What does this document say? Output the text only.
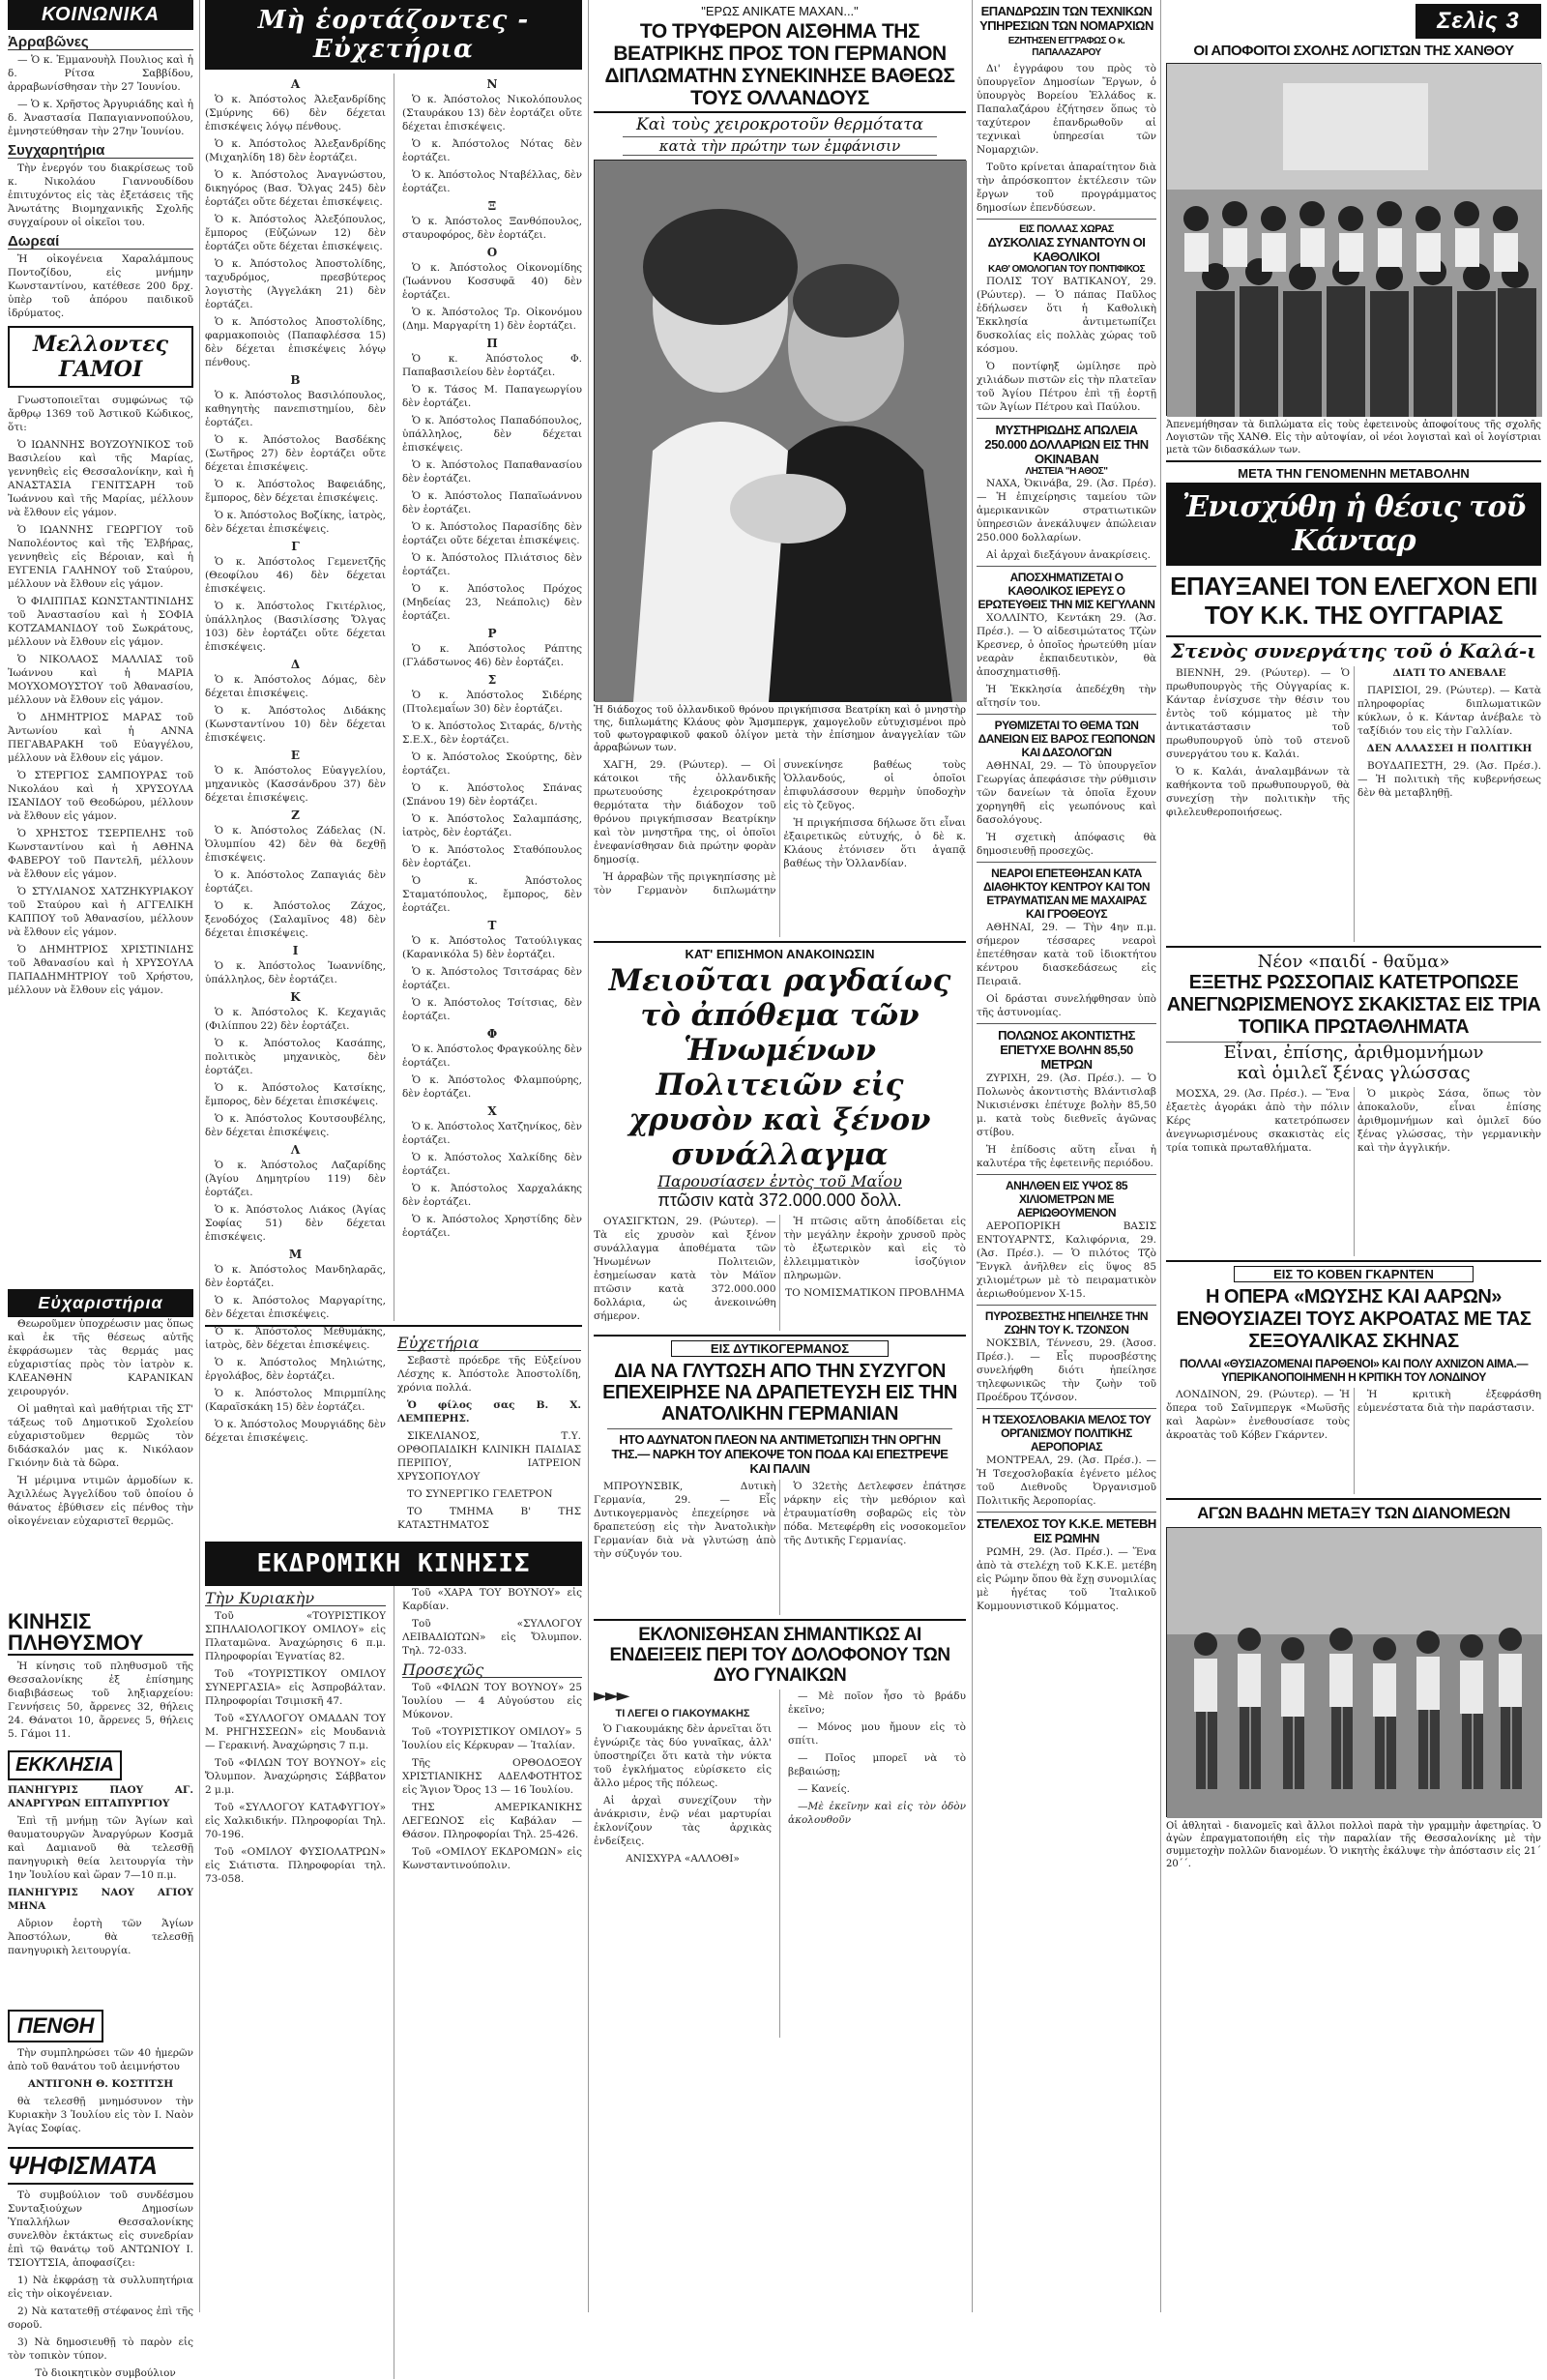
ΚΟΙΝΩΝΙΚΑ
Ἀρραβῶνες

— Ὁ κ. Ἐμμανουὴλ Πουλιος καὶ ἡ δ. Ρίτσα Σαββίδου, ἀρραβωνίσθησαν τὴν 27 Ἰουνίου.

— Ὁ κ. Χρῆστος Ἀργυριάδης καὶ ἡ δ. Ἀναστασία Παπαγιαννοπούλου, ἐμνηστεύθησαν τὴν 27ην Ἰουνίου.

Συγχαρητήρια

Τὴν ἐνεργόν του διακρίσεως τοῦ κ. Νικολάου Γιαννουδίδου ἐπιτυχόντος εἰς τὰς ἐξετάσεις τῆς Ἀνωτάτης Βιομηχανικῆς Σχολῆς συγχαίρουν οἱ οἰκεῖοι του.

Δωρεαί

Ἡ οἰκογένεια Χαραλάμπους Ποντοζίδου, εἰς μνήμην Κωνσταντίνου, κατέθεσε 200 δρχ. ὑπὲρ τοῦ ἀπόρου παιδικοῦ ἰδρύματος.

Μελλοντες ΓΑΜΟΙ

Γνωστοποιεῖται συμφώνως τῷ ἄρθρῳ 1369 τοῦ Ἀστικοῦ Κώδικος, ὅτι:

Ὁ ΙΩΑΝΝΗΣ ΒΟΥΖΟΥΝΙΚΟΣ τοῦ Βασιλείου καὶ τῆς Μαρίας, γεννηθεὶς εἰς Θεσσαλονίκην, καὶ ἡ ΑΝΑΣΤΑΣΙΑ ΓΕΝΙΤΣΑΡΗ τοῦ Ἰωάννου καὶ τῆς Μαρίας, μέλλουν νὰ ἔλθουν εἰς γάμον.

Ὁ ΙΩΑΝΝΗΣ ΓΕΩΡΓΙΟΥ τοῦ Ναπολέοντος καὶ τῆς Ἐλβήρας, γεννηθεὶς εἰς Βέροιαν, καὶ ἡ ΕΥΓΕΝΙΑ ΓΑΛΗΝΟΥ τοῦ Σταύρου, μέλλουν νὰ ἔλθουν εἰς γάμον.

Ὁ ΦΙΛΙΠΠΑΣ ΚΩΝΣΤΑΝΤΙΝΙΔΗΣ τοῦ Ἀναστασίου καὶ ἡ ΣΟΦΙΑ ΚΟΤΖΑΜΑΝΙΔΟΥ τοῦ Σωκράτους, μέλλουν νὰ ἔλθουν εἰς γάμον.

Ὁ ΝΙΚΟΛΑΟΣ ΜΑΛΛΙΑΣ τοῦ Ἰωάννου καὶ ἡ ΜΑΡΙΑ ΜΟΥΧΟΜΟΥΣΤΟΥ τοῦ Ἀθανασίου, μέλλουν νὰ ἔλθουν εἰς γάμον.

Ὁ ΔΗΜΗΤΡΙΟΣ ΜΑΡΑΣ τοῦ Ἀντωνίου καὶ ἡ ΑΝΝΑ ΠΕΓΑΒΑΡΑΚΗ τοῦ Εὐαγγέλου, μέλλουν νὰ ἔλθουν εἰς γάμον.

Ὁ ΣΤΕΡΓΙΟΣ ΣΑΜΠΟΥΡΑΣ τοῦ Νικολάου καὶ ἡ ΧΡΥΣΟΥΛΑ ΙΣΑΝΙΔΟΥ τοῦ Θεοδώρου, μέλλουν νὰ ἔλθουν εἰς γάμον.

Ὁ ΧΡΗΣΤΟΣ ΤΣΕΡΠΕΛΗΣ τοῦ Κωνσταντίνου καὶ ἡ ΑΘΗΝΑ ΦΑΒΕΡΟΥ τοῦ Παντελῆ, μέλλουν νὰ ἔλθουν εἰς γάμον.

Ὁ ΣΤΥΛΙΑΝΟΣ ΧΑΤΖΗΚΥΡΙΑΚΟΥ τοῦ Σταύρου καὶ ἡ ΑΓΓΕΛΙΚΗ ΚΑΠΠΟΥ τοῦ Ἀθανασίου, μέλλουν νὰ ἔλθουν εἰς γάμον.

Ὁ ΔΗΜΗΤΡΙΟΣ ΧΡΙΣΤΙΝΙΔΗΣ τοῦ Ἀθανασίου καὶ ἡ ΧΡΥΣΟΥΛΑ ΠΑΠΑΔΗΜΗΤΡΙΟΥ τοῦ Χρήστου, μέλλουν νὰ ἔλθουν εἰς γάμον.

Εὐχαριστήρια

Θεωροῦμεν ὑποχρέωσιν μας ὅπως καὶ ἐκ τῆς θέσεως αὐτῆς ἐκφράσωμεν τὰς θερμάς μας εὐχαριστίας πρὸς τὸν ἰατρὸν κ. ΚΛΕΑΝΘΗΝ ΚΑΡΑΝΙΚΑΝ χειρουργόν.

Οἱ μαθηταὶ καὶ μαθήτριαι τῆς ΣΤ' τάξεως τοῦ Δημοτικοῦ Σχολείου εὐχαριστοῦμεν θερμῶς τὸν διδάσκαλόν μας κ. Νικόλαον Γκιόνην διὰ τὰ δῶρα.

Ἡ μέριμνα ντιμῶν ἀρμοδίων κ. Ἀχιλλέως Ἀγγελίδου τοῦ ὁποίου ὁ θάνατος ἐβύθισεν εἰς πένθος τὴν οἰκογένειαν εὐχαριστεῖ θερμῶς.

ΚΙΝΗΣΙΣ ΠΛΗΘΥΣΜΟΥ

Ἡ κίνησις τοῦ πληθυσμοῦ τῆς Θεσσαλονίκης ἐξ ἐπίσημης διαβιβάσεως τοῦ ληξιαρχείου: Γεννήσεις 50, ἄρρενες 32, θήλεις 24. Θάνατοι 10, ἄρρενες 5, θήλεις 5. Γάμοι 11.

ΕΚΚΛΗΣΙΑ

ΠΑΝΗΓΥΡΙΣ ΠΑΟΥ ΑΓ. ΑΝΑΡΓΥΡΩΝ ΕΠΤΑΠΥΡΓΙΟΥ

Ἐπὶ τῇ μνήμῃ τῶν Ἁγίων καὶ θαυματουργῶν Ἀναργύρων Κοσμᾶ καὶ Δαμιανοῦ θὰ τελεσθῇ πανηγυρικὴ θεία λειτουργία τὴν 1ην Ἰουλίου καὶ ὥραν 7—10 π.μ.

ΠΑΝΗΓΥΡΙΣ ΝΑΟΥ ΑΓΙΟΥ ΜΗΝΑ

Αὔριον ἑορτὴ τῶν Ἁγίων Ἀποστόλων, θὰ τελεσθῇ πανηγυρικὴ λειτουργία.

ΠΕΝΘΗ

Τὴν συμπληρώσει τῶν 40 ἡμερῶν ἀπὸ τοῦ θανάτου τοῦ ἀειμνήστου

ΑΝΤΙΓΟΝΗ Θ. ΚΟΣΤΙΤΣΗ

θὰ τελεσθῇ μνημόσυνον τὴν Κυριακὴν 3 Ἰουλίου εἰς τὸν Ι. Ναὸν Ἁγίας Σοφίας.

ΨΗΦΙΣΜΑΤΑ

Τὸ συμβούλιον τοῦ συνδέσμου Συνταξιούχων Δημοσίων Ὑπαλλήλων Θεσσαλονίκης συνελθὸν ἐκτάκτως εἰς συνεδρίαν ἐπὶ τῷ θανάτῳ τοῦ ΑΝΤΩΝΙΟΥ Ι. ΤΣΙΟΥΤΣΙΑ, ἀποφασίζει:

1) Νὰ ἐκφράσῃ τὰ συλλυπητήρια εἰς τὴν οἰκογένειαν.

2) Νὰ κατατεθῇ στέφανος ἐπὶ τῆς σοροῦ.

3) Νὰ δημοσιευθῇ τὸ παρὸν εἰς τὸν τοπικὸν τύπον.

Τὸ διοικητικὸν συμβούλιον

Μὴ ἑορτάζοντες - Εὐχετήρια
Α

Ὁ κ. Ἀπόστολος Ἀλεξανδρίδης (Σμύρνης 66) δὲν δέχεται ἐπισκέψεις λόγῳ πένθους.

Ὁ κ. Ἀπόστολος Ἀλεξανδρίδης (Μιχαηλίδη 18) δὲν ἑορτάζει.

Ὁ κ. Ἀπόστολος Ἀναγνώστου, δικηγόρος (Βασ. Ὄλγας 245) δὲν ἑορτάζει οὔτε δέχεται ἐπισκέψεις.

Ὁ κ. Ἀπόστολος Ἀλεξόπουλος, ἔμπορος (Εὐζώνων 12) δὲν ἑορτάζει οὔτε δέχεται ἐπισκέψεις.

Ὁ κ. Ἀπόστολος Ἀποστολίδης, ταχυδρόμος, πρεσβύτερος λογιστὴς (Ἀγγελάκη 21) δὲν ἑορτάζει.

Ὁ κ. Ἀπόστολος Ἀποστολίδης, φαρμακοποιὸς (Παπαφλέσσα 15) δὲν δέχεται ἐπισκέψεις λόγῳ πένθους.

Β

Ὁ κ. Ἀπόστολος Βασιλόπουλος, καθηγητὴς πανεπιστημίου, δὲν ἑορτάζει.

Ὁ κ. Ἀπόστολος Βασδέκης (Σωτῆρος 27) δὲν ἑορτάζει οὔτε δέχεται ἐπισκέψεις.

Ὁ κ. Ἀπόστολος Βαφειάδης, ἔμπορος, δὲν δέχεται ἐπισκέψεις.

Ὁ κ. Ἀπόστολος Βοζίκης, ἰατρὸς, δὲν δέχεται ἐπισκέψεις.

Γ

Ὁ κ. Ἀπόστολος Γεμενετζῆς (Θεοφίλου 46) δὲν δέχεται ἐπισκέψεις.

Ὁ κ. Ἀπόστολος Γκιτέρλιος, ὑπάλληλος (Βασιλίσσης Ὄλγας 103) δὲν ἑορτάζει οὔτε δέχεται ἐπισκέψεις.

Δ

Ὁ κ. Ἀπόστολος Δόμας, δὲν δέχεται ἐπισκέψεις.

Ὁ κ. Ἀπόστολος Διδάκης (Κωνσταντίνου 10) δὲν δέχεται ἐπισκέψεις.

Ε

Ὁ κ. Ἀπόστολος Εὐαγγελίου, μηχανικὸς (Κασσάνδρου 37) δὲν δέχεται ἐπισκέψεις.

Ζ

Ὁ κ. Ἀπόστολος Ζάδελας (Ν. Ὀλυμπίου 42) δὲν θὰ δεχθῇ ἐπισκέψεις.

Ὁ κ. Ἀπόστολος Ζαπαγιάς δὲν ἑορτάζει.

Ὁ κ. Ἀπόστολος Ζάχος, ξενοδόχος (Σαλαμῖνος 48) δὲν δέχεται ἐπισκέψεις.

Ι

Ὁ κ. Ἀπόστολος Ἰωαννίδης, ὑπάλληλος, δὲν ἑορτάζει.

Κ

Ὁ κ. Ἀπόστολος Κ. Κεχαγιᾶς (Φιλίππου 22) δὲν ἑορτάζει.

Ὁ κ. Ἀπόστολος Κασάπης, πολιτικὸς μηχανικὸς, δὲν ἑορτάζει.

Ὁ κ. Ἀπόστολος Κατσίκης, ἔμπορος, δὲν δέχεται ἐπισκέψεις.

Ὁ κ. Ἀπόστολος Κουτσουβέλης, δὲν δέχεται ἐπισκέψεις.

Λ

Ὁ κ. Ἀπόστολος Λαζαρίδης (Ἁγίου Δημητρίου 119) δὲν ἑορτάζει.

Ὁ κ. Ἀπόστολος Λιάκος (Ἀγίας Σοφίας 51) δὲν δέχεται ἐπισκέψεις.

Μ

Ὁ κ. Ἀπόστολος Μανδηλαρᾶς, δὲν ἑορτάζει.

Ὁ κ. Ἀπόστολος Μαργαρίτης, δὲν δέχεται ἐπισκέψεις.

Ὁ κ. Ἀπόστολος Μεθυμάκης, ἰατρὸς, δὲν δέχεται ἐπισκέψεις.

Ὁ κ. Ἀπόστολος Μηλιώτης, ἐργολάβος, δὲν ἑορτάζει.

Ὁ κ. Ἀπόστολος Μπιρμπίλης (Καραϊσκάκη 15) δὲν ἑορτάζει.

Ὁ κ. Ἀπόστολος Μουργιάδης δὲν δέχεται ἐπισκέψεις.

Ν

Ὁ κ. Ἀπόστολος Νικολόπουλος (Σταυράκου 13) δὲν ἑορτάζει οὔτε δέχεται ἐπισκέψεις.

Ὁ κ. Ἀπόστολος Νότας δὲν ἑορτάζει.

Ὁ κ. Ἀπόστολος Νταβέλλας, δὲν ἑορτάζει.

Ξ

Ὁ κ. Ἀπόστολος Ξανθόπουλος, σταυροφόρος, δὲν ἑορτάζει.

Ο

Ὁ κ. Ἀπόστολος Οἰκονομίδης (Ἰωάννου Κοσσυφᾶ 40) δὲν ἑορτάζει.

Ὁ κ. Ἀπόστολος Τρ. Οἰκονόμου (Δημ. Μαργαρίτη 1) δὲν ἑορτάζει.

Π

Ὁ κ. Ἀπόστολος Φ. Παπαβασιλείου δὲν ἑορτάζει.

Ὁ κ. Τάσος Μ. Παπαγεωργίου δὲν ἑορτάζει.

Ὁ κ. Ἀπόστολος Παπαδόπουλος, ὑπάλληλος, δὲν δέχεται ἐπισκέψεις.

Ὁ κ. Ἀπόστολος Παπαθανασίου δὲν ἑορτάζει.

Ὁ κ. Ἀπόστολος Παπαϊωάννου δὲν ἑορτάζει.

Ὁ κ. Ἀπόστολος Παρασίδης δὲν ἑορτάζει οὔτε δέχεται ἐπισκέψεις.

Ὁ κ. Ἀπόστολος Πλιάτσιος δὲν ἑορτάζει.

Ὁ κ. Ἀπόστολος Πρόχος (Μηδείας 23, Νεάπολις) δὲν ἑορτάζει.

Ρ

Ὁ κ. Ἀπόστολος Ράπτης (Γλάδστωνος 46) δὲν ἑορτάζει.

Σ

Ὁ κ. Ἀπόστολος Σιδέρης (Πτολεμαΐων 30) δὲν ἑορτάζει.

Ὁ κ. Ἀπόστολος Σιταράς, δ/ντὴς Σ.Ε.Χ., δὲν ἑορτάζει.

Ὁ κ. Ἀπόστολος Σκούρτης, δὲν ἑορτάζει.

Ὁ κ. Ἀπόστολος Σπάνας (Σπάνου 19) δὲν ἑορτάζει.

Ὁ κ. Ἀπόστολος Σαλαμπάσης, ἰατρὸς, δὲν ἑορτάζει.

Ὁ κ. Ἀπόστολος Σταθόπουλος δὲν ἑορτάζει.

Ὁ κ. Ἀπόστολος Σταματόπουλος, ἔμπορος, δὲν ἑορτάζει.

Τ

Ὁ κ. Ἀπόστολος Τατούλιγκας (Καρανικόλα 5) δὲν ἑορτάζει.

Ὁ κ. Ἀπόστολος Τσιτσάρας δὲν ἑορτάζει.

Ὁ κ. Ἀπόστολος Τσίτσιας, δὲν ἑορτάζει.

Φ

Ὁ κ. Ἀπόστολος Φραγκούλης δὲν ἑορτάζει.

Ὁ κ. Ἀπόστολος Φλαμπούρης, δὲν ἑορτάζει.

Χ

Ὁ κ. Ἀπόστολος Χατζηνίκος, δὲν ἑορτάζει.

Ὁ κ. Ἀπόστολος Χαλκίδης δὲν ἑορτάζει.

Ὁ κ. Ἀπόστολος Χαρχαλάκης δὲν ἑορτάζει.

Ὁ κ. Ἀπόστολος Χρηστίδης δὲν ἑορτάζει.

Εὐχετήρια

Σεβαστὲ πρόεδρε τῆς Εὐξείνου Λέσχης κ. Ἀπόστολε Ἀποστολίδη, χρόνια πολλά.

Ὁ φίλος σας Β. Χ. ΛΕΜΠΕΡΗΣ.

ΣΙΚΕΛΙΑΝΟΣ, Τ.Υ. ΟΡΘΟΠΑΙΔΙΚΗ ΚΛΙΝΙΚΗ ΠΑΙΔΙΑΣ ΠΕΡΙΠΟΥ, ΙΑΤΡΕΙΟΝ ΧΡΥΣΟΠΟΥΛΟΥ

ΤΟ ΣΥΝΕΡΓΙΚΟ ΓΕΛΕΤΡΟΝ

ΤΟ ΤΜΗΜΑ Β' ΤΗΣ ΚΑΤΑΣΤΗΜΑΤΟΣ

ΕΚΔΡΟΜΙΚΗ ΚΙΝΗΣΙΣ
Τὴν Κυριακὴν

Τοῦ «ΤΟΥΡΙΣΤΙΚΟΥ ΣΠΗΛΑΙΟΛΟΓΙΚΟΥ ΟΜΙΛΟΥ» εἰς Πλαταμῶνα. Ἀναχώρησις 6 π.μ. Πληροφορίαι Ἐγνατίας 82.

Τοῦ «ΤΟΥΡΙΣΤΙΚΟΥ ΟΜΙΛΟΥ ΣΥΝΕΡΓΑΣΙΑ» εἰς Ἀσπροβάλταν. Πληροφορίαι Τσιμισκῆ 47.

Τοῦ «ΣΥΛΛΟΓΟΥ ΟΜΑΔΑΝ ΤΟΥ Μ. ΡΗΓΗΣΣΕΩΝ» εἰς Μουδανιὰ — Γερακινή. Ἀναχώρησις 7 π.μ.

Τοῦ «ΦΙΛΩΝ ΤΟΥ ΒΟΥΝΟΥ» εἰς Ὄλυμπον. Ἀναχώρησις Σάββατον 2 μ.μ.

Τοῦ «ΣΥΛΛΟΓΟΥ ΚΑΤΑΦΥΓΙΟΥ» εἰς Χαλκιδικήν. Πληροφορίαι Τηλ. 70-196.

Τοῦ «ΟΜΙΛΟΥ ΦΥΣΙΟΛΑΤΡΩΝ» εἰς Σιάτιστα. Πληροφορίαι τηλ. 73-058.

Τοῦ «ΧΑΡΑ ΤΟΥ ΒΟΥΝΟΥ» εἰς Καρδίαν.

Τοῦ «ΣΥΛΛΟΓΟΥ ΛΕΙΒΑΔΙΩΤΩΝ» εἰς Ὄλυμπον. Τηλ. 72-033.

Προσεχῶς

Τοῦ «ΦΙΛΩΝ ΤΟΥ ΒΟΥΝΟΥ» 25 Ἰουλίου — 4 Αὐγούστου εἰς Μύκονον.

Τοῦ «ΤΟΥΡΙΣΤΙΚΟΥ ΟΜΙΛΟΥ» 5 Ἰουλίου εἰς Κέρκυραν — Ἰταλίαν.

Τῆς ΟΡΘΟΔΟΞΟΥ ΧΡΙΣΤΙΑΝΙΚΗΣ ΑΔΕΛΦΟΤΗΤΟΣ εἰς Ἅγιον Ὄρος 13 — 16 Ἰουλίου.

ΤΗΣ ΑΜΕΡΙΚΑΝΙΚΗΣ ΛΕΓΕΩΝΟΣ εἰς Καβάλαν — Θάσον. Πληροφορίαι Τηλ. 25-426.

Τοῦ «ΟΜΙΛΟΥ ΕΚΔΡΟΜΩΝ» εἰς Κωνσταντινούπολιν.

"ΕΡΩΣ ΑΝΙΚΑΤΕ ΜΑΧΑΝ..."
ΤΟ ΤΡΥΦΕΡΟΝ ΑΙΣΘΗΜΑ ΤΗΣ ΒΕΑΤΡΙΚΗΣ ΠΡΟΣ ΤΟΝ ΓΕΡΜΑΝΟΝ ΔΙΠΛΩΜΑΤΗΝ ΣΥΝΕΚΙΝΗΣΕ ΒΑΘΕΩΣ ΤΟΥΣ ΟΛΛΑΝΔΟΥΣ
Καὶ τοὺς χειροκροτοῦν θερμότατα
κατὰ τὴν πρώτην των ἐμφάνισιν
Ἡ διάδοχος τοῦ ὁλλανδικοῦ θρόνου πριγκήπισσα Βεατρίκη καὶ ὁ μνηστὴρ της, διπλωμάτης Κλάους φὸν Ἄμσμπεργκ, χαμογελοῦν εὐτυχισμένοι πρὸ τοῦ φωτογραφικοῦ φακοῦ ὀλίγον μετὰ τὴν ἐπίσημον ἀναγγελίαν τῶν ἀρραβώνων των.

ΧΑΓΗ, 29. (Ρώυτερ). — Οἱ κάτοικοι τῆς ὁλλανδικῆς πρωτευούσης ἐχειροκρότησαν θερμότατα τὴν διάδοχον τοῦ θρόνου πριγκήπισσαν Βεατρίκην καὶ τὸν μνηστῆρα της, οἱ ὁποῖοι ἐνεφανίσθησαν διὰ πρώτην φορὰν δημοσίᾳ.

Ἡ ἀρραβὼν τῆς πριγκηπίσσης μὲ τὸν Γερμανὸν διπλωμάτην συνεκίνησε βαθέως τοὺς Ὁλλανδούς, οἱ ὁποῖοι ἐπιφυλάσσουν θερμὴν ὑποδοχὴν εἰς τὸ ζεῦγος.

Ἡ πριγκήπισσα δήλωσε ὅτι εἶναι ἐξαιρετικῶς εὐτυχής, ὁ δὲ κ. Κλάους ἐτόνισεν ὅτι ἀγαπᾷ βαθέως τὴν Ὁλλανδίαν.

ΚΑΤ' ΕΠΙΣΗΜΟΝ ΑΝΑΚΟΙΝΩΣΙΝ
Μειοῦται ραγδαίως τὸ ἀπόθεμα τῶν Ἡνωμένων Πολιτειῶν εἰς χρυσὸν καὶ ξένον συνάλλαγμα
Παρουσίασεν ἐντὸς τοῦ Μαΐου
πτῶσιν κατὰ 372.000.000 δολλ.

ΟΥΑΣΙΓΚΤΩΝ, 29. (Ρώυτερ). — Τὰ εἰς χρυσὸν καὶ ξένον συνάλλαγμα ἀποθέματα τῶν Ἡνωμένων Πολιτειῶν, ἐσημείωσαν κατὰ τὸν Μάϊον πτῶσιν κατὰ 372.000.000 δολλάρια, ὡς ἀνεκοινώθη σήμερον.

Ἡ πτῶσις αὕτη ἀποδίδεται εἰς τὴν μεγάλην ἐκροὴν χρυσοῦ πρὸς τὸ ἐξωτερικὸν καὶ εἰς τὸ ἐλλειμματικὸν ἰσοζύγιον πληρωμῶν.

ΤΟ ΝΟΜΙΣΜΑΤΙΚΟΝ ΠΡΟΒΛΗΜΑ

ΕΙΣ ΔΥΤΙΚΟΓΕΡΜΑΝΟΣ
ΔΙΑ ΝΑ ΓΛΥΤΩΣΗ ΑΠΟ ΤΗΝ ΣΥΖΥΓΟΝ ΕΠΕΧΕΙΡΗΣΕ ΝΑ ΔΡΑΠΕΤΕΥΣΗ ΕΙΣ ΤΗΝ ΑΝΑΤΟΛΙΚΗΝ ΓΕΡΜΑΝΙΑΝ
ΗΤΟ ΑΔΥΝΑΤΟΝ ΠΛΕΟΝ ΝΑ ΑΝΤΙΜΕΤΩΠΙΣΗ ΤΗΝ ΟΡΓΗΝ ΤΗΣ.— ΝΑΡΚΗ ΤΟΥ ΑΠΕΚΟΨΕ ΤΟΝ ΠΟΔΑ ΚΑΙ ΕΠΕΣΤΡΕΨΕ ΚΑΙ ΠΑΛΙΝ

ΜΠΡΟΥΝΣΒΙΚ, Δυτικὴ Γερμανία, 29. — Εἷς Δυτικογερμανὸς ἐπεχείρησε νὰ δραπετεύσῃ εἰς τὴν Ἀνατολικὴν Γερμανίαν διὰ νὰ γλυτώσῃ ἀπὸ τὴν σύζυγόν του.

Ὁ 32ετὴς Δετλεφσεν ἐπάτησε νάρκην εἰς τὴν μεθόριον καὶ ἐτραυματίσθη σοβαρῶς εἰς τὸν πόδα. Μετεφέρθη εἰς νοσοκομεῖον τῆς Δυτικῆς Γερμανίας.

ΕΚΛΟΝΙΣΘΗΣΑΝ ΣΗΜΑΝΤΙΚΩΣ ΑΙ ΕΝΔΕΙΞΕΙΣ ΠΕΡΙ ΤΟΥ ΔΟΛΟΦΟΝΟΥ ΤΩΝ ΔΥΟ ΓΥΝΑΙΚΩΝ
►►►
ΤΙ ΛΕΓΕΙ Ο ΓΙΑΚΟΥΜΑΚΗΣ

Ὁ Γιακουμάκης δὲν ἀρνεῖται ὅτι ἐγνώριζε τὰς δύο γυναῖκας, ἀλλ' ὑποστηρίζει ὅτι κατὰ τὴν νύκτα τοῦ ἐγκλήματος εὑρίσκετο εἰς ἄλλο μέρος τῆς πόλεως.

Αἱ ἀρχαὶ συνεχίζουν τὴν ἀνάκρισιν, ἐνῷ νέαι μαρτυρίαι ἐκλονίζουν τὰς ἀρχικὰς ἐνδείξεις.

ΑΝΙΣΧΥΡΑ «ΑΛΛΟΘΙ»

— Μὲ ποῖον ἦσο τὸ βράδυ ἐκεῖνο;

— Μόνος μου ἤμουν εἰς τὸ σπίτι.

— Ποῖος μπορεῖ νὰ τὸ βεβαιώσῃ;

— Κανείς.

—Μὲ ἐκεῖνην καὶ εἰς τὸν ὀδὸν ἀκολουθοῦν

ΕΠΑΝΔΡΩΣΙΝ ΤΩΝ ΤΕΧΝΙΚΩΝ ΥΠΗΡΕΣΙΩΝ ΤΩΝ ΝΟΜΑΡΧΙΩΝ
ΕΖΗΤΗΣΕΝ ΕΓΓΡΑΦΩΣ Ο κ. ΠΑΠΑΛΑΖΑΡΟΥ

Δι' ἐγγράφου του πρὸς τὸ ὑπουργεῖον Δημοσίων Ἔργων, ὁ ὑπουργὸς Βορείου Ἑλλάδος κ. Παπαλαζάρου ἐζήτησεν ὅπως τὸ ταχύτερον ἐπανδρωθοῦν αἱ τεχνικαὶ ὑπηρεσίαι τῶν Νομαρχιῶν.

Τοῦτο κρίνεται ἀπαραίτητον διὰ τὴν ἀπρόσκοπτον ἐκτέλεσιν τῶν ἔργων τοῦ προγράμματος δημοσίων ἐπενδύσεων.

ΕΙΣ ΠΟΛΛΑΣ ΧΩΡΑΣ
ΔΥΣΚΟΛΙΑΣ ΣΥΝΑΝΤΟΥΝ ΟΙ ΚΑΘΟΛΙΚΟΙ
ΚΑΘ' ΟΜΟΛΟΓΙΑΝ ΤΟΥ ΠΟΝΤΙΦΙΚΟΣ

ΠΟΛΙΣ ΤΟΥ ΒΑΤΙΚΑΝΟΥ, 29. (Ρώυτερ). — Ὁ πάπας Παῦλος ἐδήλωσεν ὅτι ἡ Καθολικὴ Ἐκκλησία ἀντιμετωπίζει δυσκολίας εἰς πολλὰς χώρας τοῦ κόσμου.

Ὁ ποντίφηξ ὡμίλησε πρὸ χιλιάδων πιστῶν εἰς τὴν πλατεῖαν τοῦ Ἁγίου Πέτρου ἐπὶ τῇ ἑορτῇ τῶν Ἁγίων Πέτρου καὶ Παύλου.

ΜΥΣΤΗΡΙΩΔΗΣ ΑΠΩΛΕΙΑ 250.000 ΔΟΛΛΑΡΙΩΝ ΕΙΣ ΤΗΝ ΟΚΙΝΑΒΑΝ
ΛΗΣΤΕΙΑ "Η ΑΘΟΣ"

ΝΑΧΑ, Ὀκινάβα, 29. (Ἀσ. Πρέσ). — Ἡ ἐπιχείρησις ταμείου τῶν ἀμερικανικῶν στρατιωτικῶν ὑπηρεσιῶν ἀνεκάλυψεν ἀπώλειαν 250.000 δολλαρίων.

Αἱ ἀρχαὶ διεξάγουν ἀνακρίσεις.

ΑΠΟΣΧΗΜΑΤΙΖΕΤΑΙ Ο ΚΑΘΟΛΙΚΟΣ ΙΕΡΕΥΣ Ο ΕΡΩΤΕΥΘΕΙΣ ΤΗΝ ΜΙΣ ΚΕΓΥΛΑΝΝ

ΧΟΛΛΙΝΤΟ, Κεντάκη 29. (Ἀσ. Πρέσ.). — Ὁ αἰδεσιμώτατος Τζὼν Κρεσνερ, ὁ ὁποῖος ἠρωτεύθη μίαν νεαρὰν ἐκπαιδευτικὸν, θὰ ἀποσχηματισθῇ.

Ἡ Ἐκκλησία ἀπεδέχθη τὴν αἴτησίν του.

ΡΥΘΜΙΖΕΤΑΙ ΤΟ ΘΕΜΑ ΤΩΝ ΔΑΝΕΙΩΝ ΕΙΣ ΒΑΡΟΣ ΓΕΩΠΟΝΩΝ ΚΑΙ ΔΑΣΟΛΟΓΩΝ

ΑΘΗΝΑΙ, 29. — Τὸ ὑπουργεῖον Γεωργίας ἀπεφάσισε τὴν ρύθμισιν τῶν δανείων τὰ ὁποῖα ἔχουν χορηγηθῆ εἰς γεωπόνους καὶ δασολόγους.

Ἡ σχετικὴ ἀπόφασις θὰ δημοσιευθῇ προσεχῶς.

ΝΕΑΡΟΙ ΕΠΕΤΕΘΗΣΑΝ ΚΑΤΑ ΔΙΑΘΗΚΤΟΥ ΚΕΝΤΡΟΥ ΚΑΙ ΤΟΝ ΕΤΡΑΥΜΑΤΙΣΑΝ ΜΕ ΜΑΧΑΙΡΑΣ ΚΑΙ ΓΡΟΘΕΟΥΣ

ΑΘΗΝΑΙ, 29. — Τὴν 4ην π.μ. σήμερον τέσσαρες νεαροὶ ἐπετέθησαν κατὰ τοῦ ἰδιοκτήτου κέντρου διασκεδάσεως εἰς Πειραιᾶ.

Οἱ δράσται συνελήφθησαν ὑπὸ τῆς ἀστυνομίας.

ΠΟΛΩΝΟΣ ΑΚΟΝΤΙΣΤΗΣ ΕΠΕΤΥΧΕ ΒΟΛΗΝ 85,50 ΜΕΤΡΩΝ

ΖΥΡΙΧΗ, 29. (Ἀσ. Πρέσ.). — Ὁ Πολωνὸς ἀκοντιστὴς Βλάντισλαβ Νικισιένσκι ἐπέτυχε βολὴν 85,50 μ. κατὰ τοὺς διεθνεῖς ἀγῶνας στίβου.

Ἡ ἐπίδοσις αὕτη εἶναι ἡ καλυτέρα τῆς ἐφετεινῆς περιόδου.

ΑΝΗΛΘΕΝ ΕΙΣ ΥΨΟΣ 85 ΧΙΛΙΟΜΕΤΡΩΝ ΜΕ ΑΕΡΙΩΘΟΥΜΕΝΟΝ

ΑΕΡΟΠΟΡΙΚΗ ΒΑΣΙΣ ΕΝΤΟΥΑΡΝΤΣ, Καλιφόρνια, 29. (Ἀσ. Πρέσ.). — Ὁ πιλότος Τζὸ Ἔνγκλ ἀνῆλθεν εἰς ὕψος 85 χιλιομέτρων μὲ τὸ πειραματικὸν ἀεριωθούμενον Χ-15.

ΠΥΡΟΣΒΕΣΤΗΣ ΗΠΕΙΛΗΣΕ ΤΗΝ ΖΩΗΝ ΤΟΥ Κ. ΤΖΟΝΣΟΝ

ΝΟΚΣΒΙΛ, Τέννεσυ, 29. (Ἀσοσ. Πρέσ.). — Εἷς πυροσβέστης συνελήφθη διότι ἠπείλησε τηλεφωνικῶς τὴν ζωὴν τοῦ Προέδρου Τζόνσον.

Η ΤΣΕΧΟΣΛΟΒΑΚΙΑ ΜΕΛΟΣ ΤΟΥ ΟΡΓΑΝΙΣΜΟΥ ΠΟΛΙΤΙΚΗΣ ΑΕΡΟΠΟΡΙΑΣ

ΜΟΝΤΡΕΑΛ, 29. (Ἀσ. Πρέσ.). — Ἡ Τσεχοσλοβακία ἐγένετο μέλος τοῦ Διεθνοῦς Ὀργανισμοῦ Πολιτικῆς Ἀεροπορίας.

ΣΤΕΛΕΧΟΣ ΤΟΥ Κ.Κ.Ε. ΜΕΤΕΒΗ ΕΙΣ ΡΩΜΗΝ

ΡΩΜΗ, 29. (Ἀσ. Πρέσ.). — Ἕνα ἀπὸ τὰ στελέχη τοῦ Κ.Κ.Ε. μετέβη εἰς Ρώμην ὅπου θὰ ἔχῃ συνομιλίας μὲ ἡγέτας τοῦ Ἰταλικοῦ Κομμουνιστικοῦ Κόμματος.

Σελὶς 3
ΟΙ ΑΠΟΦΟΙΤΟΙ ΣΧΟΛΗΣ ΛΟΓΙΣΤΩΝ ΤΗΣ ΧΑΝΘΟΥ
Ἀπενεμήθησαν τὰ διπλώματα εἰς τοὺς ἐφετεινοὺς ἀποφοίτους τῆς σχολῆς Λογιστῶν τῆς ΧΑΝΘ. Εἰς τὴν αὐτοψίαν, οἱ νέοι λογισταὶ καὶ οἱ λογίστριαι μετὰ τῶν διδασκάλων των.
ΜΕΤΑ ΤΗΝ ΓΕΝΟΜΕΝΗΝ ΜΕΤΑΒΟΛΗΝ
Ἐνισχύθη ἡ θέσις τοῦ Κάνταρ
ΕΠΑΥΞΑΝΕΙ ΤΟΝ ΕΛΕΓΧΟΝ ΕΠΙ ΤΟΥ Κ.Κ. ΤΗΣ ΟΥΓΓΑΡΙΑΣ
Στενὸς συνεργάτης τοῦ ὁ Καλά-ι

ΒΙΕΝΝΗ, 29. (Ρώυτερ). — Ὁ πρωθυπουργὸς τῆς Οὐγγαρίας κ. Κάνταρ ἐνίσχυσε τὴν θέσιν του ἐντὸς τοῦ κόμματος μὲ τὴν ἀντικατάστασιν τοῦ πρωθυπουργοῦ ὑπὸ τοῦ στενοῦ συνεργάτου του κ. Καλάι.

Ὁ κ. Καλάι, ἀναλαμβάνων τὰ καθήκοντα τοῦ πρωθυπουργοῦ, θὰ συνεχίσῃ τὴν πολιτικὴν τῆς φιλελευθεροποιήσεως.

ΔΙΑΤΙ ΤΟ ΑΝΕΒΑΛΕ

ΠΑΡΙΣΙΟΙ, 29. (Ρώυτερ). — Κατὰ πληροφορίας διπλωματικῶν κύκλων, ὁ κ. Κάνταρ ἀνέβαλε τὸ ταξίδιόν του εἰς τὴν Γαλλίαν.

ΔΕΝ ΑΛΛΑΣΣΕΙ Η ΠΟΛΙΤΙΚΗ

ΒΟΥΔΑΠΕΣΤΗ, 29. (Ἀσ. Πρέσ.). — Ἡ πολιτικὴ τῆς κυβερνήσεως δὲν θὰ μεταβληθῇ.

Νέον «παιδί - θαῦμα»
ΕΞΕΤΗΣ ΡΩΣΣΟΠΑΙΣ ΚΑΤΕΤΡΟΠΩΣΕ ΑΝΕΓΝΩΡΙΣΜΕΝΟΥΣ ΣΚΑΚΙΣΤΑΣ ΕΙΣ ΤΡΙΑ ΤΟΠΙΚΑ ΠΡΩΤΑΘΛΗΜΑΤΑ
Εἶναι, ἐπίσης, ἀριθμομνήμων
καὶ ὁμιλεῖ ξένας γλώσσας

ΜΟΣΧΑ, 29. (Ἀσ. Πρέσ.). — Ἕνα ἑξαετὲς ἀγοράκι ἀπὸ τὴν πόλιν Κέρς κατετρόπωσεν ἀνεγνωρισμένους σκακιστὰς εἰς τρία τοπικὰ πρωταθλήματα.

Ὁ μικρὸς Σάσα, ὅπως τὸν ἀποκαλοῦν, εἶναι ἐπίσης ἀριθμομνήμων καὶ ὁμιλεῖ δύο ξένας γλώσσας, τὴν γερμανικὴν καὶ τὴν ἀγγλικήν.

ΕΙΣ ΤΟ ΚΟΒΕΝ ΓΚΑΡΝΤΕΝ
Η ΟΠΕΡΑ «ΜΩΥΣΗΣ ΚΑΙ ΑΑΡΩΝ» ΕΝΘΟΥΣΙΑΖΕΙ ΤΟΥΣ ΑΚΡΟΑΤΑΣ ΜΕ ΤΑΣ ΣΕΞΟΥΑΛΙΚΑΣ ΣΚΗΝΑΣ
ΠΟΛΛΑΙ «ΘΥΣΙΑΖΟΜΕΝΑΙ ΠΑΡΘΕΝΟΙ» ΚΑΙ ΠΟΛΥ ΑΧΝΙΖΟΝ ΑΙΜΑ.— ΥΠΕΡΙΚΑΝΟΠΟΙΗΜΕΝΗ Η ΚΡΙΤΙΚΗ ΤΟΥ ΛΟΝΔΙΝΟΥ

ΛΟΝΔΙΝΟΝ, 29. (Ρώυτερ). — Ἡ ὄπερα τοῦ Σαῖνμπεργκ «Μωϋσῆς καὶ Ἀαρὼν» ἐνεθουσίασε τοὺς ἀκροατὰς τοῦ Κόβεν Γκάρντεν.

Ἡ κριτικὴ ἐξεφράσθη εὐμενέστατα διὰ τὴν παράστασιν.

ΑΓΩΝ ΒΑΔΗΝ ΜΕΤΑΞΥ ΤΩΝ ΔΙΑΝΟΜΕΩΝ
Οἱ ἀθληταὶ - διανομεῖς καὶ ἄλλοι πολλοὶ παρὰ τὴν γραμμὴν ἀφετηρίας. Ὁ ἀγὼν ἐπραγματοποιήθη εἰς τὴν παραλίαν τῆς Θεσσαλονίκης μὲ τὴν συμμετοχὴν πολλῶν διανομέων. Ὁ νικητὴς ἐκάλυψε τὴν ἀπόστασιν εἰς 21΄ 20΄΄.
